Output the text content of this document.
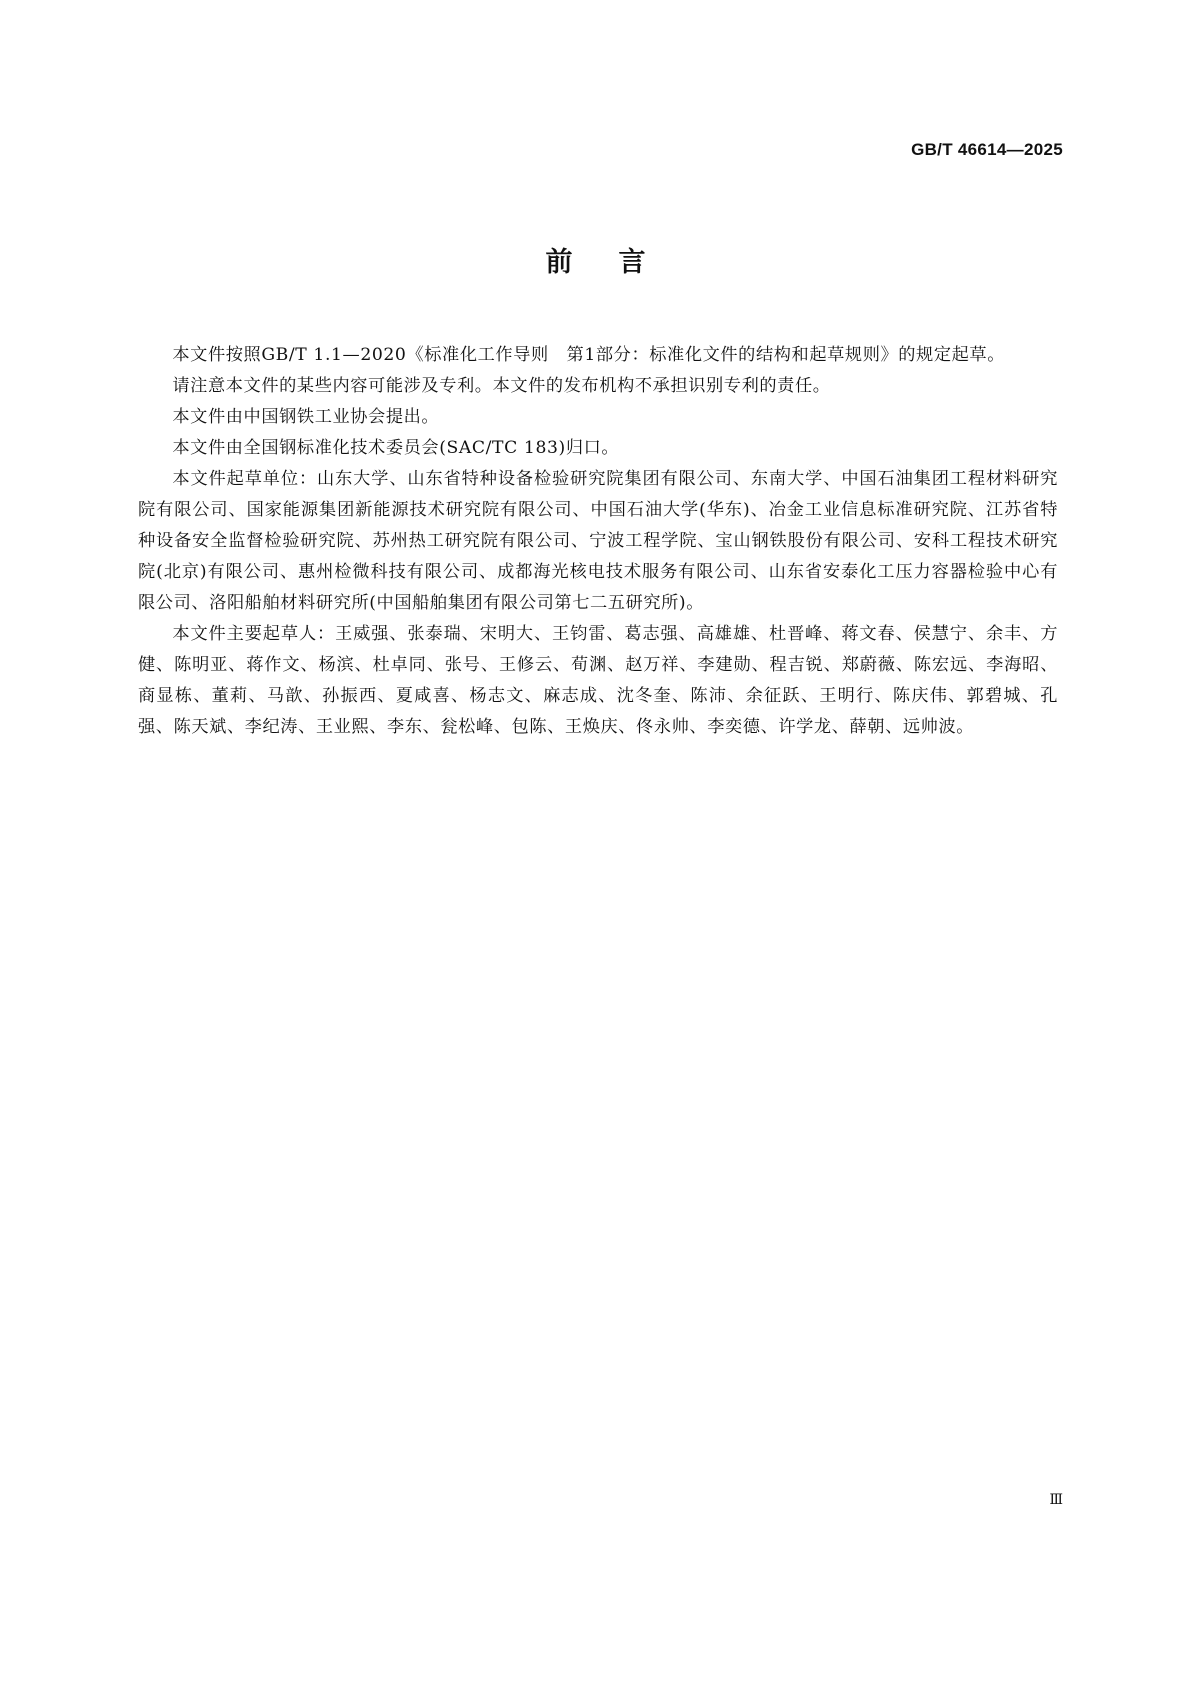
GB/T 46614—2025
前言

本文件按照GB/T 1.1—2020《标准化工作导则　第1部分：标准化文件的结构和起草规则》的规定起草。

请注意本文件的某些内容可能涉及专利。本文件的发布机构不承担识别专利的责任。

本文件由中国钢铁工业协会提出。

本文件由全国钢标准化技术委员会(SAC/TC 183)归口。

本文件起草单位：山东大学、山东省特种设备检验研究院集团有限公司、东南大学、中国石油集团工程材料研究院有限公司、国家能源集团新能源技术研究院有限公司、中国石油大学(华东)、冶金工业信息标准研究院、江苏省特种设备安全监督检验研究院、苏州热工研究院有限公司、宁波工程学院、宝山钢铁股份有限公司、安科工程技术研究院(北京)有限公司、惠州检微科技有限公司、成都海光核电技术服务有限公司、山东省安泰化工压力容器检验中心有限公司、洛阳船舶材料研究所(中国船舶集团有限公司第七二五研究所)。

本文件主要起草人：王威强、张泰瑞、宋明大、王钧雷、葛志强、高雄雄、杜晋峰、蒋文春、侯慧宁、余丰、方健、陈明亚、蒋作文、杨滨、杜卓同、张号、王修云、荀渊、赵万祥、李建勋、程吉锐、郑蔚薇、陈宏远、李海昭、商显栋、董莉、马歆、孙振西、夏咸喜、杨志文、麻志成、沈冬奎、陈沛、余征跃、王明行、陈庆伟、郭碧城、孔强、陈天斌、李纪涛、王业熙、李东、瓮松峰、包陈、王焕庆、佟永帅、李奕德、许学龙、薛朝、远帅波。

Ⅲ
